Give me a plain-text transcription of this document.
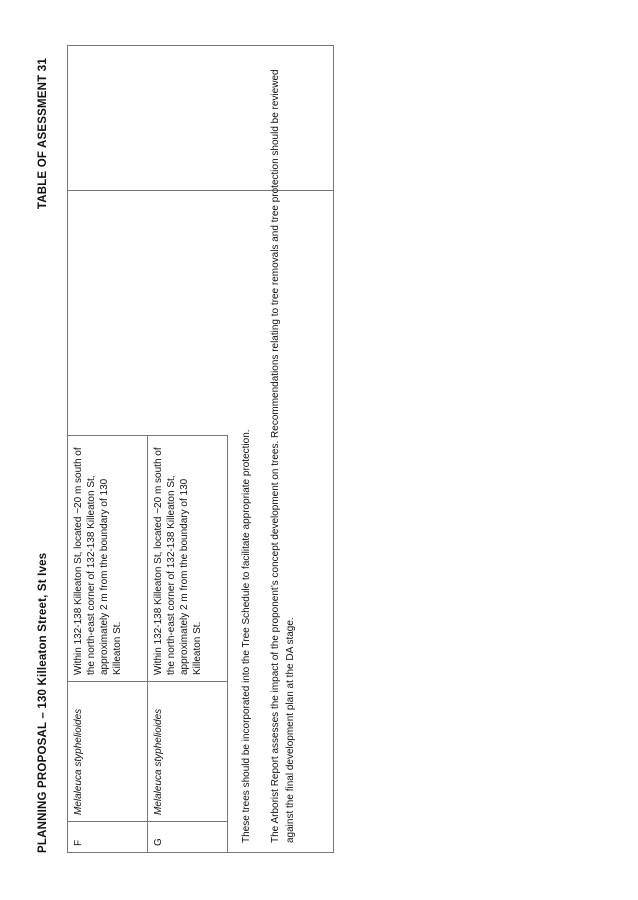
PLANNING PROPOSAL – 130 Killeaton Street, St Ives
TABLE OF ASESSMENT 31
F	Melaleuca styphelioides	Within 132-138 Killeaton St, located ~20 m south of the north-east corner of 132-138 Killeaton St, approximately 2 m from the boundary of 130 Killeaton St.
G	Melaleuca styphelioides	Within 132-138 Killeaton St, located ~20 m south of the north-east corner of 132-138 Killeaton St, approximately 2 m from the boundary of 130 Killeaton St.	These trees should be incorporated into the Tree Schedule to facilitate appropriate protection. The Arborist Report assesses the impact of the proponent’s concept development on trees. Recommendations relating to tree removals and tree protection should be reviewed against the final development plan at the DA stage.
